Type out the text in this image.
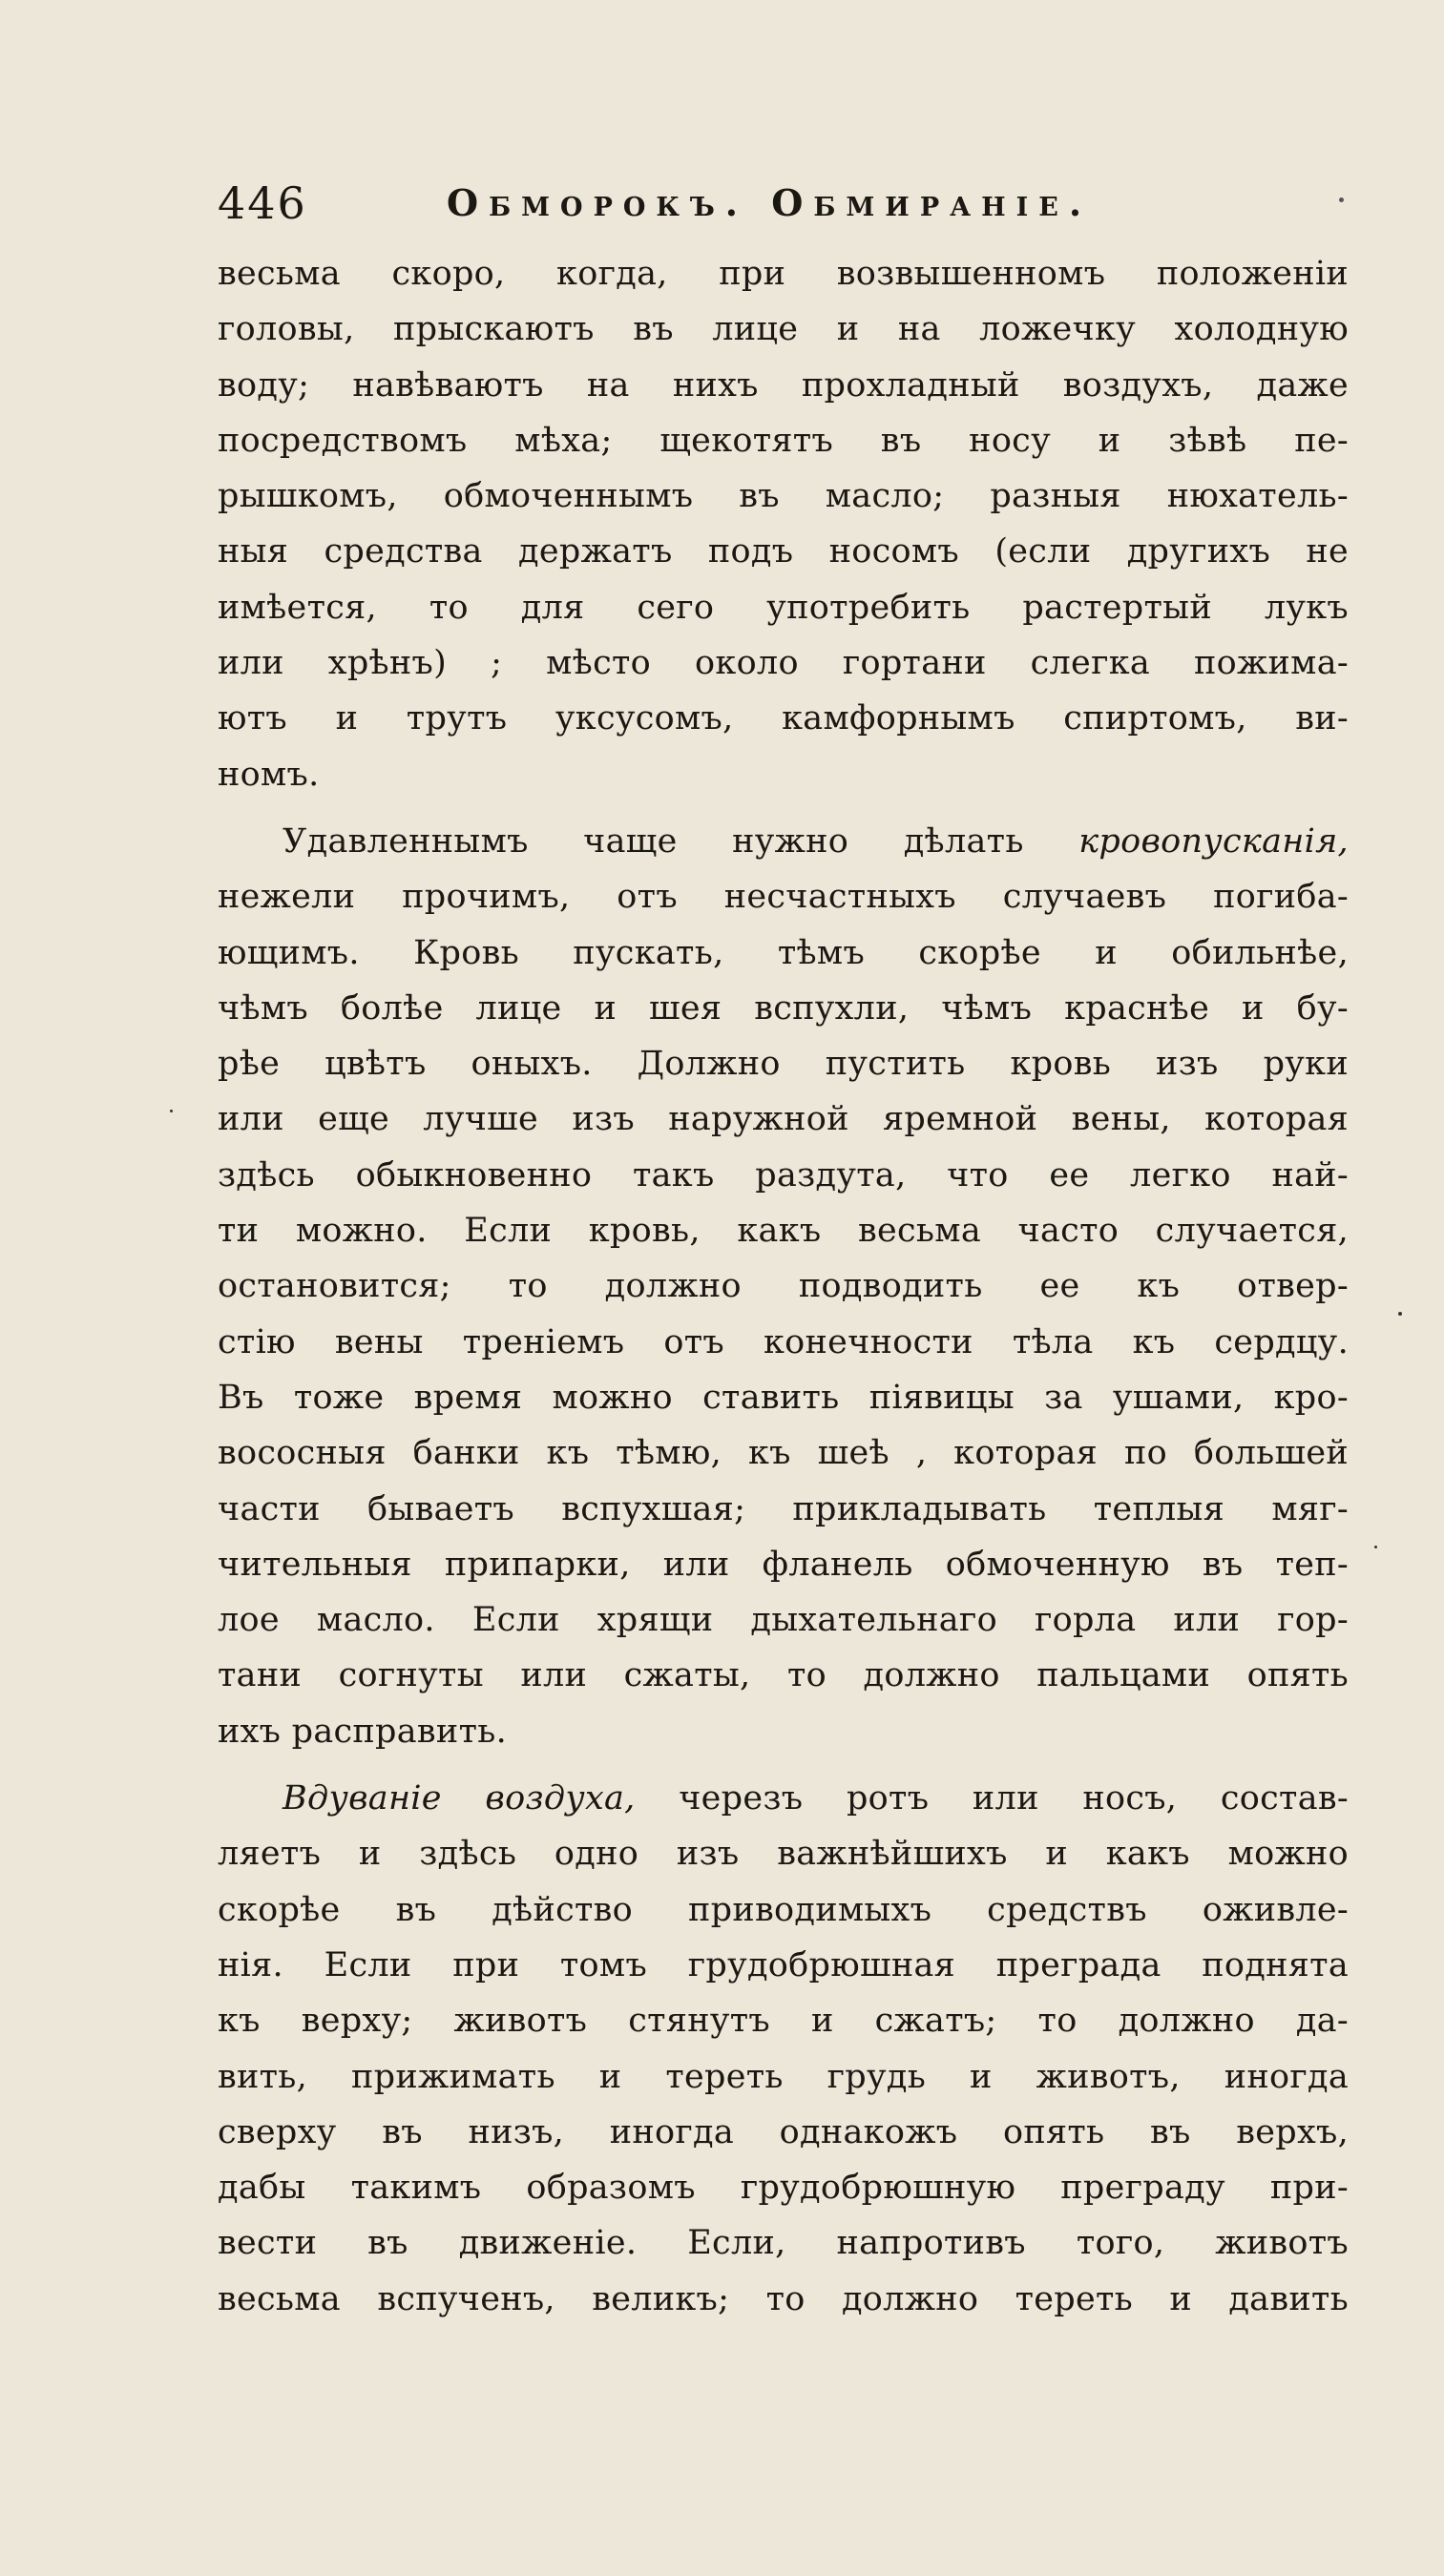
446	Обморокъ. Обмиранiе.
весьма скоро, когда, при возвышенномъ положенiи
головы, прыскаютъ въ лице и на ложечку холодную
воду; навѣваютъ на нихъ прохладный воздухъ, даже
посредствомъ мѣха; щекотятъ въ носу и зѣвѣ пе-
рышкомъ, обмоченнымъ въ масло; разныя нюхатель-
ныя средства держатъ подъ носомъ (если другихъ не
имѣется, то для сего употребить растертый лукъ
или хрѣнъ) ; мѣсто около гортани слегка пожима-
ютъ и трутъ уксусомъ, камфорнымъ спиртомъ, ви-
номъ.
Удавленнымъ чаще нужно дѣлать кровопусканiя,
нежели прочимъ, отъ несчастныхъ случаевъ погиба-
ющимъ. Кровь пускать, тѣмъ скорѣе и обильнѣе,
чѣмъ болѣе лице и шея вспухли, чѣмъ краснѣе и бу-
рѣе цвѣтъ оныхъ. Должно пустить кровь изъ руки
или еще лучше изъ наружной яремной вены, которая
здѣсь обыкновенно такъ раздута, что ее легко най-
ти можно. Если кровь, какъ весьма часто случается,
остановится; то должно подводить ее къ отвер-
стiю вены тренiемъ отъ конечности тѣла къ сердцу.
Въ тоже время можно ставить пiявицы за ушами, кро-
вососныя банки къ тѣмю, къ шеѣ , которая по большей
части бываетъ вспухшая; прикладывать теплыя мяг-
чительныя припарки, или фланель обмоченную въ теп-
лое масло. Если хрящи дыхательнаго горла или гор-
тани согнуты или сжаты, то должно пальцами опять
ихъ расправить.
Вдуванiе воздуха, черезъ ротъ или носъ, состав-
ляетъ и здѣсь одно изъ важнѣйшихъ и какъ можно
скорѣе въ дѣйство приводимыхъ средствъ оживле-
нiя. Если при томъ грудобрюшная преграда поднята
къ верху; животъ стянутъ и сжатъ; то должно да-
вить, прижимать и тереть грудь и животъ, иногда
сверху въ низъ, иногда однакожъ опять въ верхъ,
дабы такимъ образомъ грудобрюшную преграду при-
вести въ движенiе. Если, напротивъ того, животъ
весьма вспученъ, великъ; то должно тереть и давить
